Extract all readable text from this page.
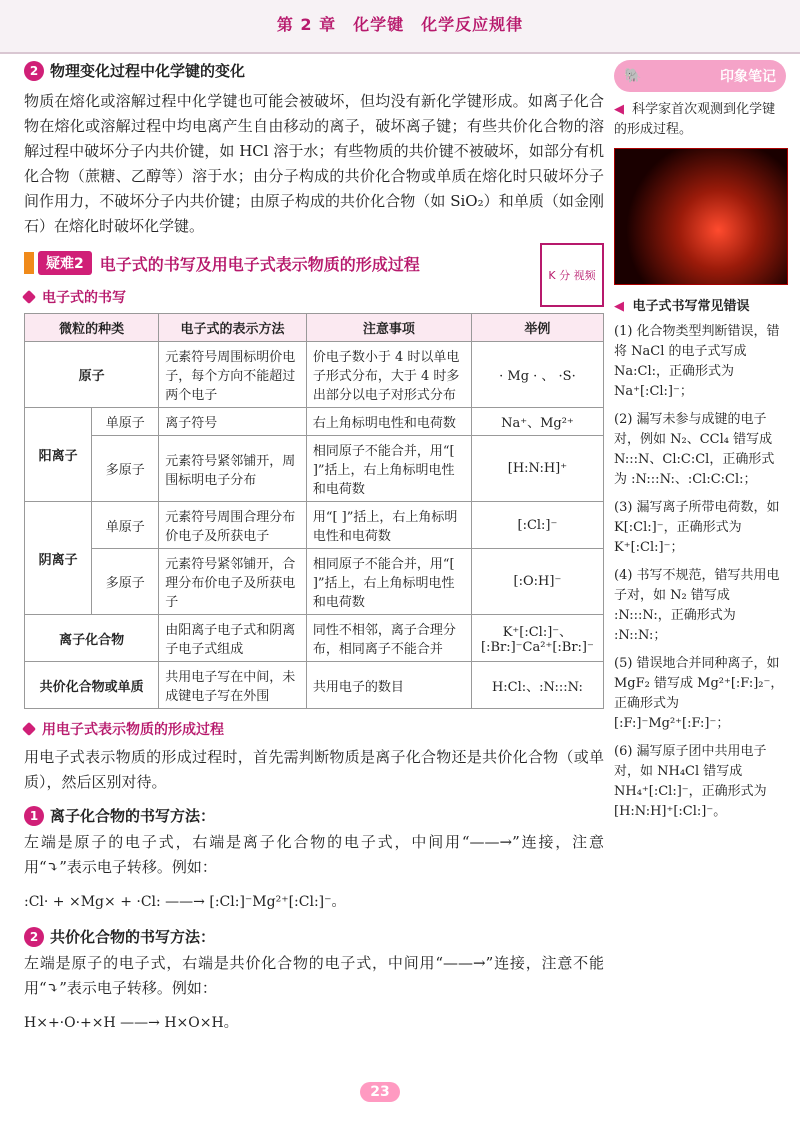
第 2 章　化学键　化学反应规律
2 物理变化过程中化学键的变化

物质在熔化或溶解过程中化学键也可能会被破坏，但均没有新化学键形成。如离子化合物在熔化或溶解过程中均电离产生自由移动的离子，破坏离子键；有些共价化合物的溶解过程中破坏分子内共价键，如 HCl 溶于水；有些物质的共价键不被破坏，如部分有机化合物（蔗糖、乙醇等）溶于水；由分子构成的共价化合物或单质在熔化时只破坏分子间作用力，不破坏分子内共价键；由原子构成的共价化合物（如 SiO₂）和单质（如金刚石）在熔化时破坏化学键。

疑难2	电子式的书写及用电子式表示物质的形成过程
K 分 视频
电子式的书写
微粒的种类		电子式的表示方法	注意事项	举例
原子		元素符号周围标明价电子，每个方向不能超过两个电子	价电子数小于 4 时以单电子形式分布，大于 4 时多出部分以电子对形式分布	· Mg · 、 ·S·
阳离子	单原子	离子符号	右上角标明电性和电荷数	Na⁺、Mg²⁺
	多原子	元素符号紧邻铺开，周围标明电子分布	相同原子不能合并，用“[ ]”括上，右上角标明电性和电荷数	[H:N:H]⁺
阴离子	单原子	元素符号周围合理分布价电子及所获电子	用“[ ]”括上，右上角标明电性和电荷数	[:Cl:]⁻
	多原子	元素符号紧邻铺开，合理分布价电子及所获电子	相同原子不能合并，用“[ ]”括上，右上角标明电性和电荷数	[:O:H]⁻
离子化合物		由阳离子电子式和阴离子电子式组成	同性不相邻，离子合理分布，相同离子不能合并	K⁺[:Cl:]⁻、[:Br:]⁻Ca²⁺[:Br:]⁻
共价化合物或单质		共用电子写在中间，未成键电子写在外围	共用电子的数目	H:Cl:、:N:::N:
用电子式表示物质的形成过程

用电子式表示物质的形成过程时，首先需判断物质是离子化合物还是共价化合物（或单质），然后区别对待。

1 离子化合物的书写方法：

左端是原子的电子式，右端是离子化合物的电子式，中间用“——→”连接，注意用“⤵”表示电子转移。例如：

:Cl· + ×Mg× + ·Cl: ——→ [:Cl:]⁻Mg²⁺[:Cl:]⁻。
2 共价化合物的书写方法：

左端是原子的电子式，右端是共价化合物的电子式，中间用“——→”连接，注意不能用“⤵”表示电子转移。例如：

H×+·O·+×H ——→ H×O×H。
🐘	印象笔记
◀ 科学家首次观测到化学键的形成过程。
◀ 电子式书写常见错误
(1) 化合物类型判断错误，错将 NaCl 的电子式写成 Na:Cl:，正确形式为 Na⁺[:Cl:]⁻；
(2) 漏写未参与成键的电子对，例如 N₂、CCl₄ 错写成 N:::N、Cl:C:Cl，正确形式为 :N:::N:、:Cl:C:Cl:；
(3) 漏写离子所带电荷数，如 K[:Cl:]⁻，正确形式为 K⁺[:Cl:]⁻；
(4) 书写不规范，错写共用电子对，如 N₂ 错写成 :N:::N:，正确形式为 :N::N:；
(5) 错误地合并同种离子，如 MgF₂ 错写成 Mg²⁺[:F:]₂⁻，正确形式为 [:F:]⁻Mg²⁺[:F:]⁻；
(6) 漏写原子团中共用电子对，如 NH₄Cl 错写成 NH₄⁺[:Cl:]⁻，正确形式为 [H:N:H]⁺[:Cl:]⁻。
23
